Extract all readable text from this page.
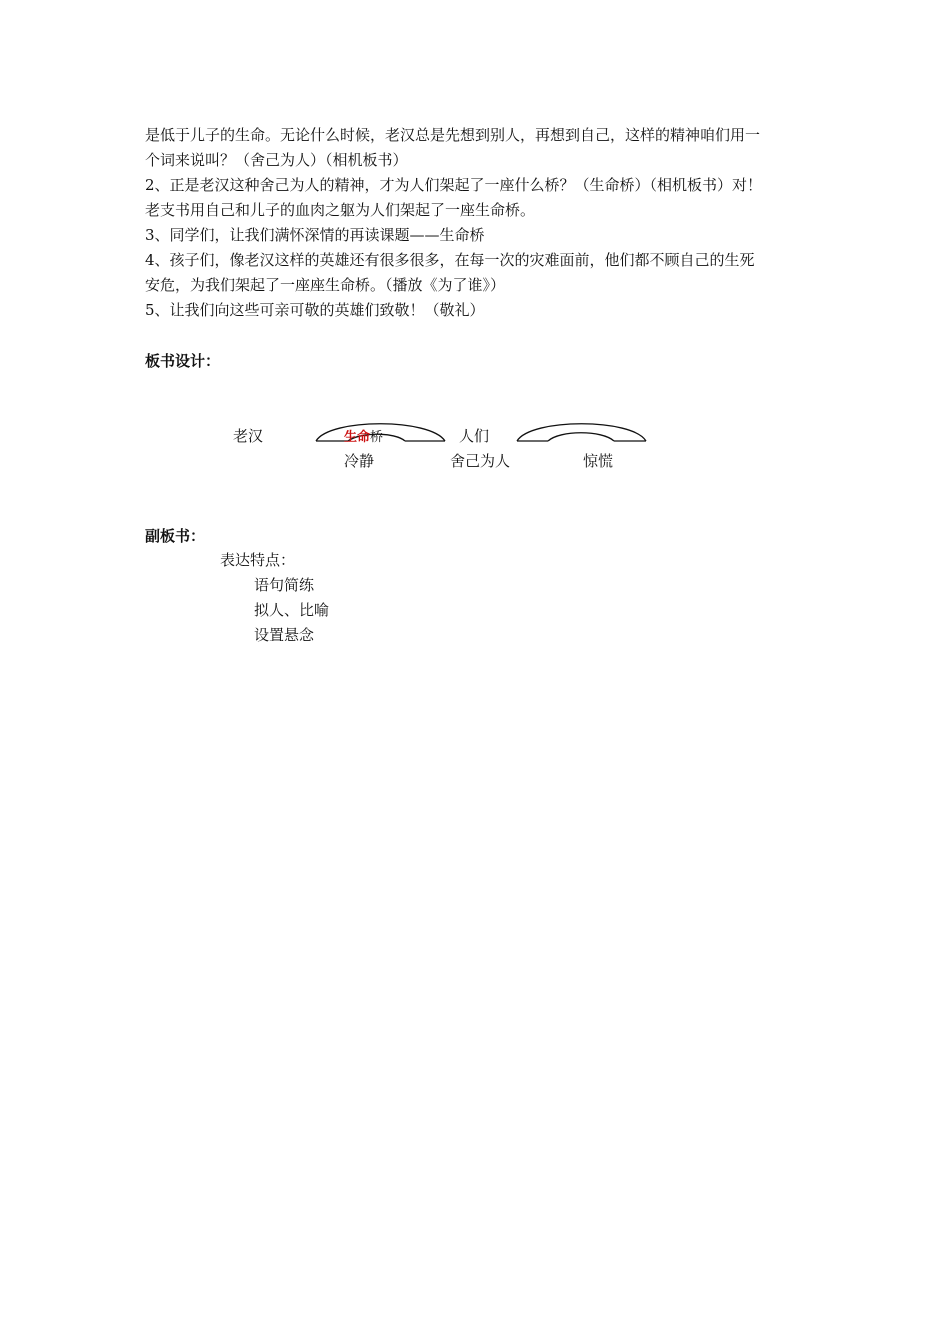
是低于儿子的生命。无论什么时候，老汉总是先想到别人，再想到自己，这样的精神咱们用一
个词来说叫？（舍己为人）（相机板书）
2、正是老汉这种舍己为人的精神，才为人们架起了一座什么桥？（生命桥）（相机板书）对！
老支书用自己和儿子的血肉之躯为人们架起了一座生命桥。
3、同学们，让我们满怀深情的再读课题——生命桥
4、孩子们，像老汉这样的英雄还有很多很多，在每一次的灾难面前，他们都不顾自己的生死
安危，为我们架起了一座座生命桥。（播放《为了谁》）
5、让我们向这些可亲可敬的英雄们致敬！（敬礼）
板书设计：
老汉	生命桥	人们
冷静	舍己为人	惊慌
副板书：
表达特点：
语句简练
拟人、比喻
设置悬念
